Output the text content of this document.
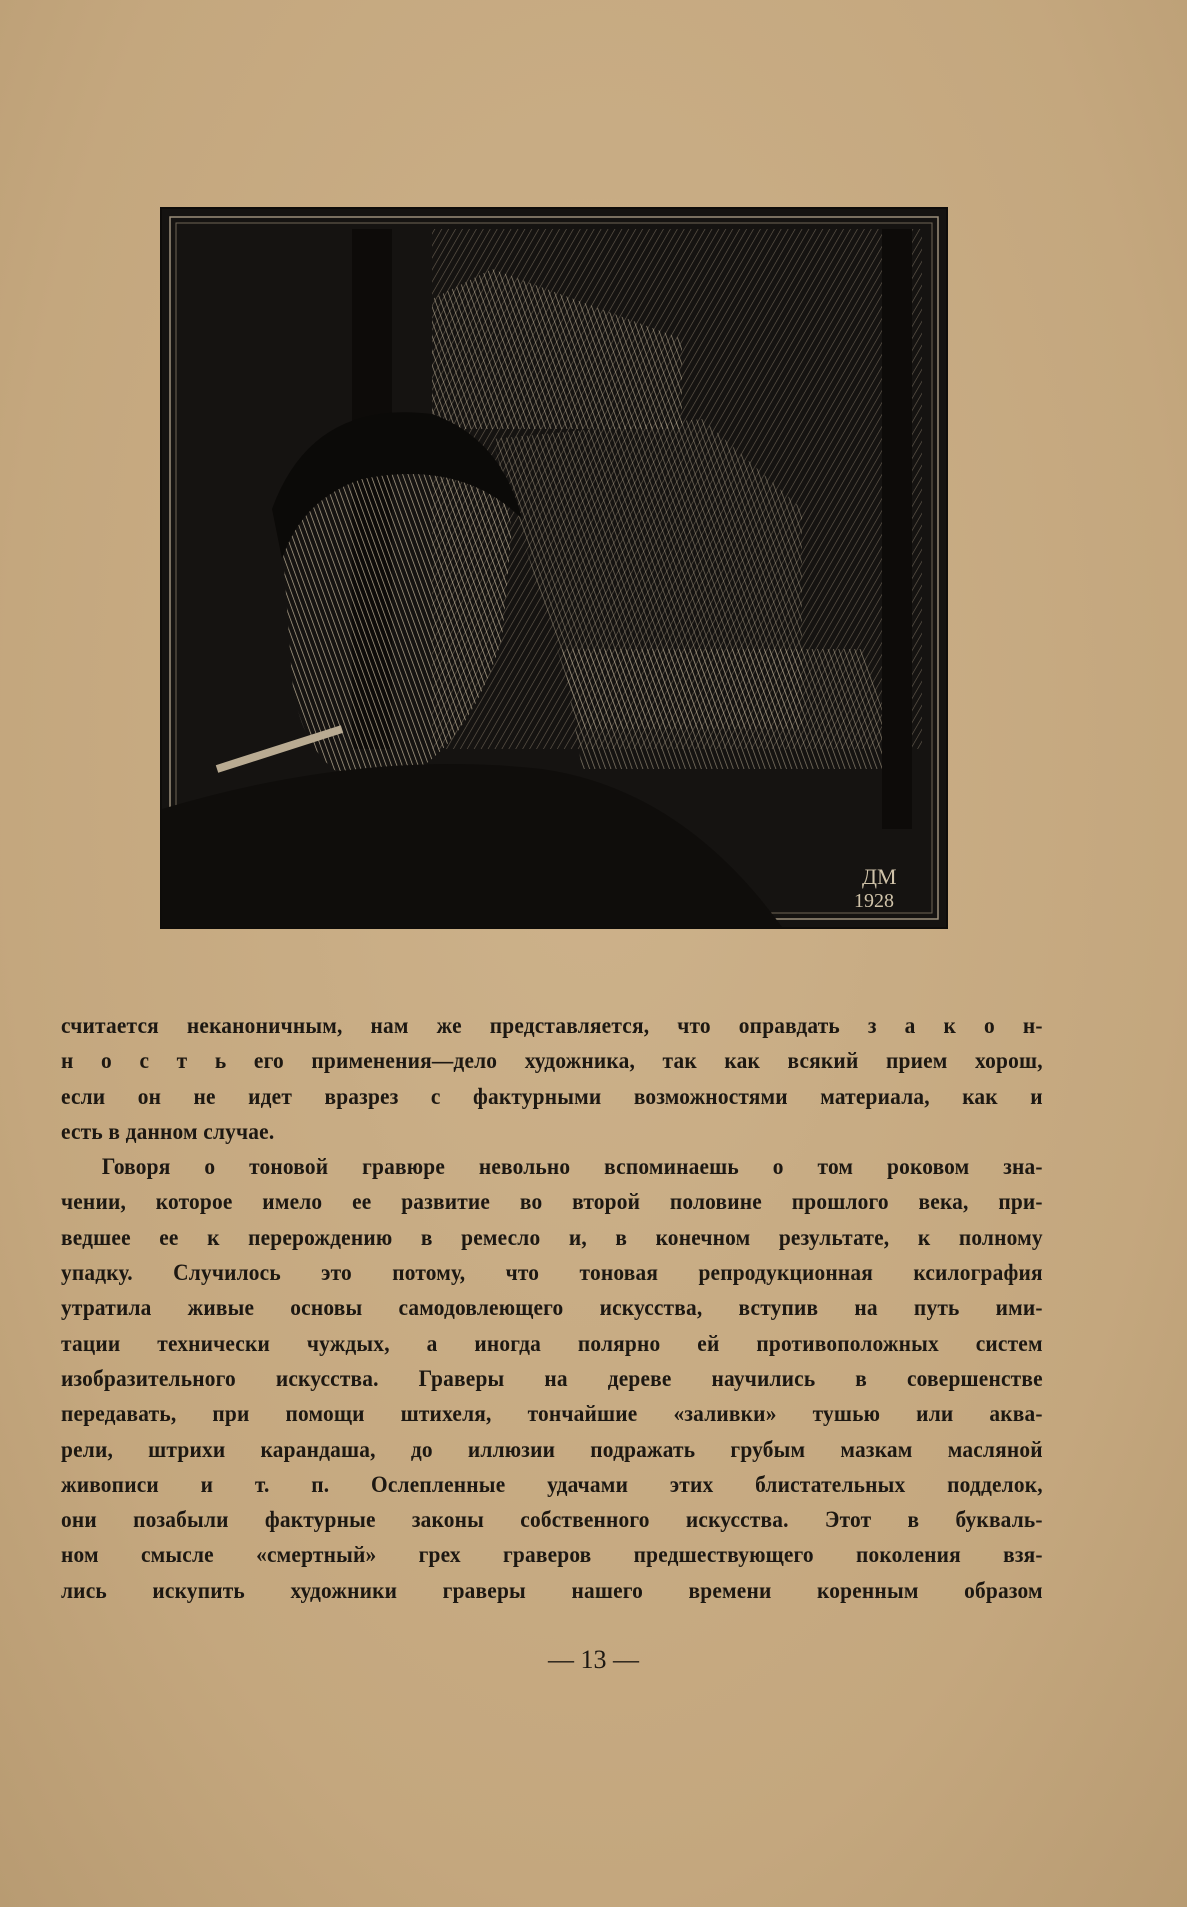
ДМ
1928
считается неканоничным, нам же представляется, что оправдать з а к о н-
н о с т ь его применения—дело художника, так как всякий прием хорош,
если он не идет вразрез с фактурными возможностями материала, как и
есть в данном случае.
Говоря о тоновой гравюре невольно вспоминаешь о том роковом зна-
чении, которое имело ее развитие во второй половине прошлого века, при-
ведшее ее к перерождению в ремесло и, в конечном результате, к полному
упадку. Случилось это потому, что тоновая репродукционная ксилография
утратила живые основы самодовлеющего искусства, вступив на путь ими-
тации технически чуждых, а иногда полярно ей противоположных систем
изобразительного искусства. Граверы на дереве научились в совершенстве
передавать, при помощи штихеля, тончайшие «заливки» тушью или аква-
рели, штрихи карандаша, до иллюзии подражать грубым мазкам масляной
живописи и т. п. Ослепленные удачами этих блистательных подделок,
они позабыли фактурные законы собственного искусства. Этот в букваль-
ном смысле «смертный» грех граверов предшествующего поколения взя-
лись искупить художники граверы нашего времени коренным образом
— 13 —
